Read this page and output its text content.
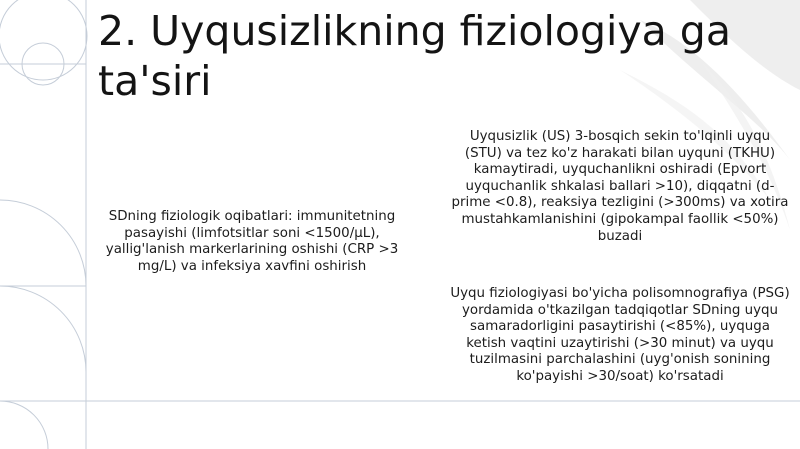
2. Uyqusizlikning fiziologiya ga ta'siri

SDning fiziologik oqibatlari: immunitetning pasayishi (limfotsitlar soni <1500/μL), yallig'lanish markerlarining oshishi (CRP >3 mg/L) va infeksiya xavfini oshirish

Uyqusizlik (US) 3-bosqich sekin to'lqinli uyqu (STU) va tez ko'z harakati bilan uyquni (TKHU) kamaytiradi, uyquchanlikni oshiradi (Epvort uyquchanlik shkalasi ballari >10), diqqatni (d-prime <0.8), reaksiya tezligini (>300ms) va xotira mustahkamlanishini (gipokampal faollik <50%) buzadi

Uyqu fiziologiyasi bo'yicha polisomnografiya (PSG) yordamida o'tkazilgan tadqiqotlar SDning uyqu samaradorligini pasaytirishi (<85%), uyquga ketish vaqtini uzaytirishi (>30 minut) va uyqu tuzilmasini parchalashini (uyg'onish sonining ko'payishi >30/soat) ko'rsatadi
